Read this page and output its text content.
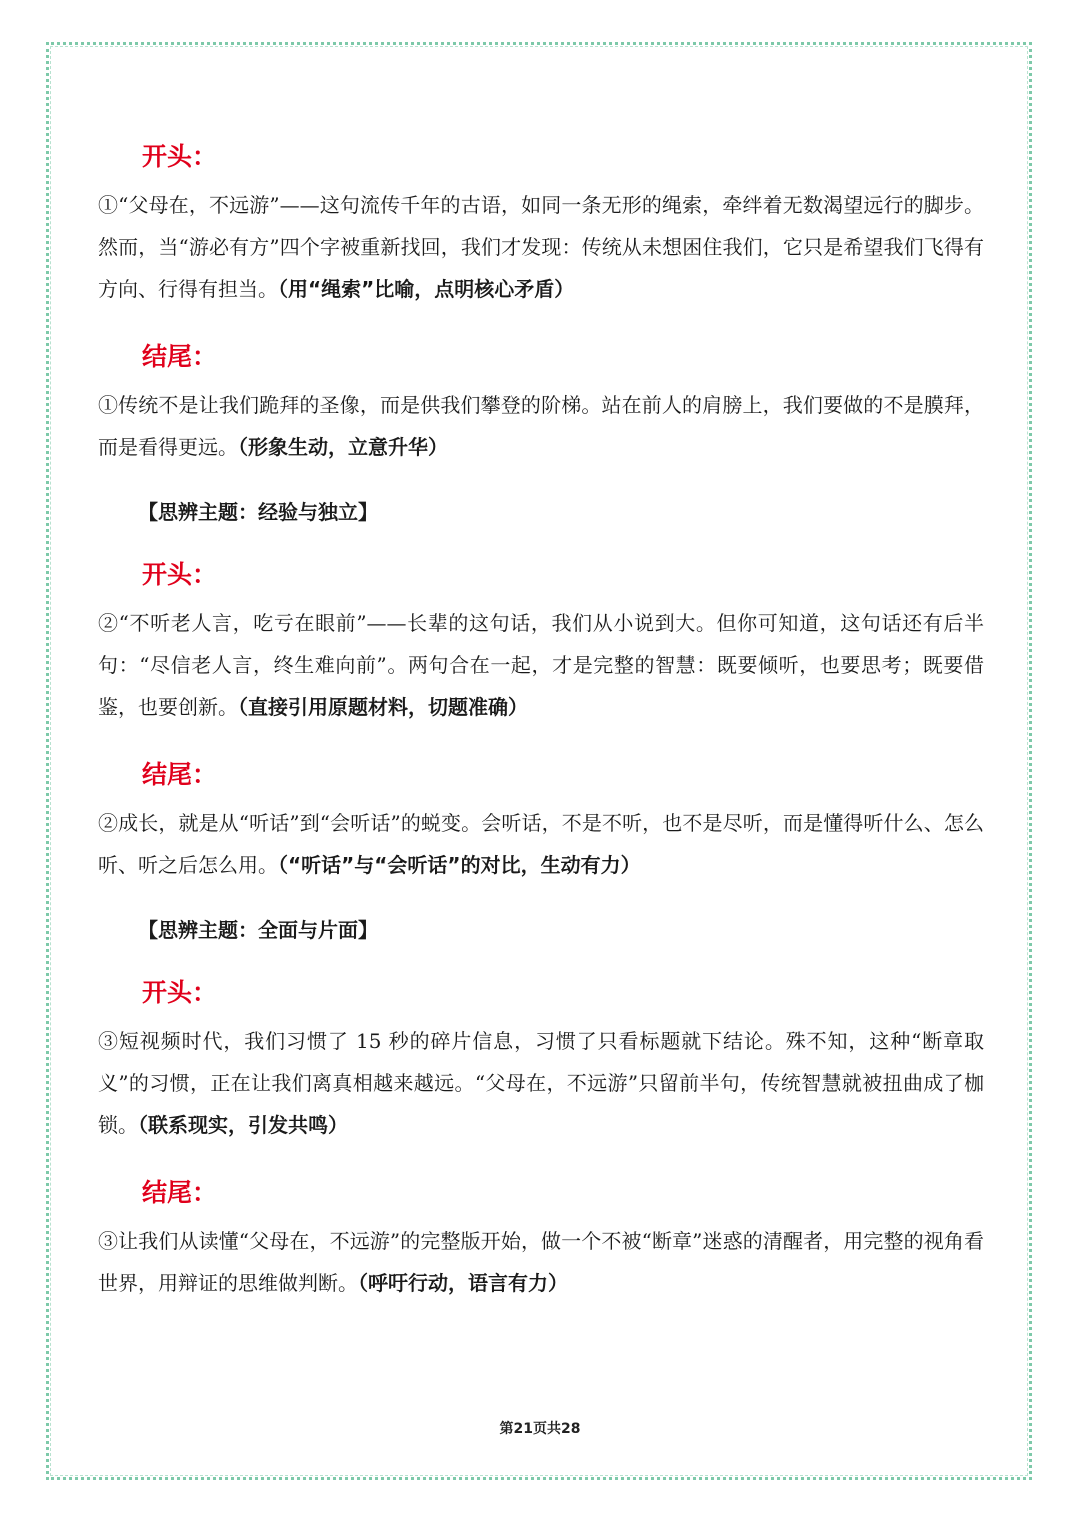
开头：

①“父母在，不远游”——这句流传千年的古语，如同一条无形的绳索，牵绊着无数渴望远行的脚步。然而，当“游必有方”四个字被重新找回，我们才发现：传统从未想困住我们，它只是希望我们飞得有方向、行得有担当。（用“绳索”比喻，点明核心矛盾）

结尾：

①传统不是让我们跪拜的圣像，而是供我们攀登的阶梯。站在前人的肩膀上，我们要做的不是膜拜，而是看得更远。（形象生动，立意升华）

【思辨主题：经验与独立】
开头：

②“不听老人言，吃亏在眼前”——长辈的这句话，我们从小说到大。但你可知道，这句话还有后半句：“尽信老人言，终生难向前”。两句合在一起，才是完整的智慧：既要倾听，也要思考；既要借鉴，也要创新。（直接引用原题材料，切题准确）

结尾：

②成长，就是从“听话”到“会听话”的蜕变。会听话，不是不听，也不是尽听，而是懂得听什么、怎么听、听之后怎么用。（“听话”与“会听话”的对比，生动有力）

【思辨主题：全面与片面】
开头：

③短视频时代，我们习惯了 15 秒的碎片信息，习惯了只看标题就下结论。殊不知，这种“断章取义”的习惯，正在让我们离真相越来越远。“父母在，不远游”只留前半句，传统智慧就被扭曲成了枷锁。（联系现实，引发共鸣）

结尾：

③让我们从读懂“父母在，不远游”的完整版开始，做一个不被“断章”迷惑的清醒者，用完整的视角看世界，用辩证的思维做判断。（呼吁行动，语言有力）

第21页共28
